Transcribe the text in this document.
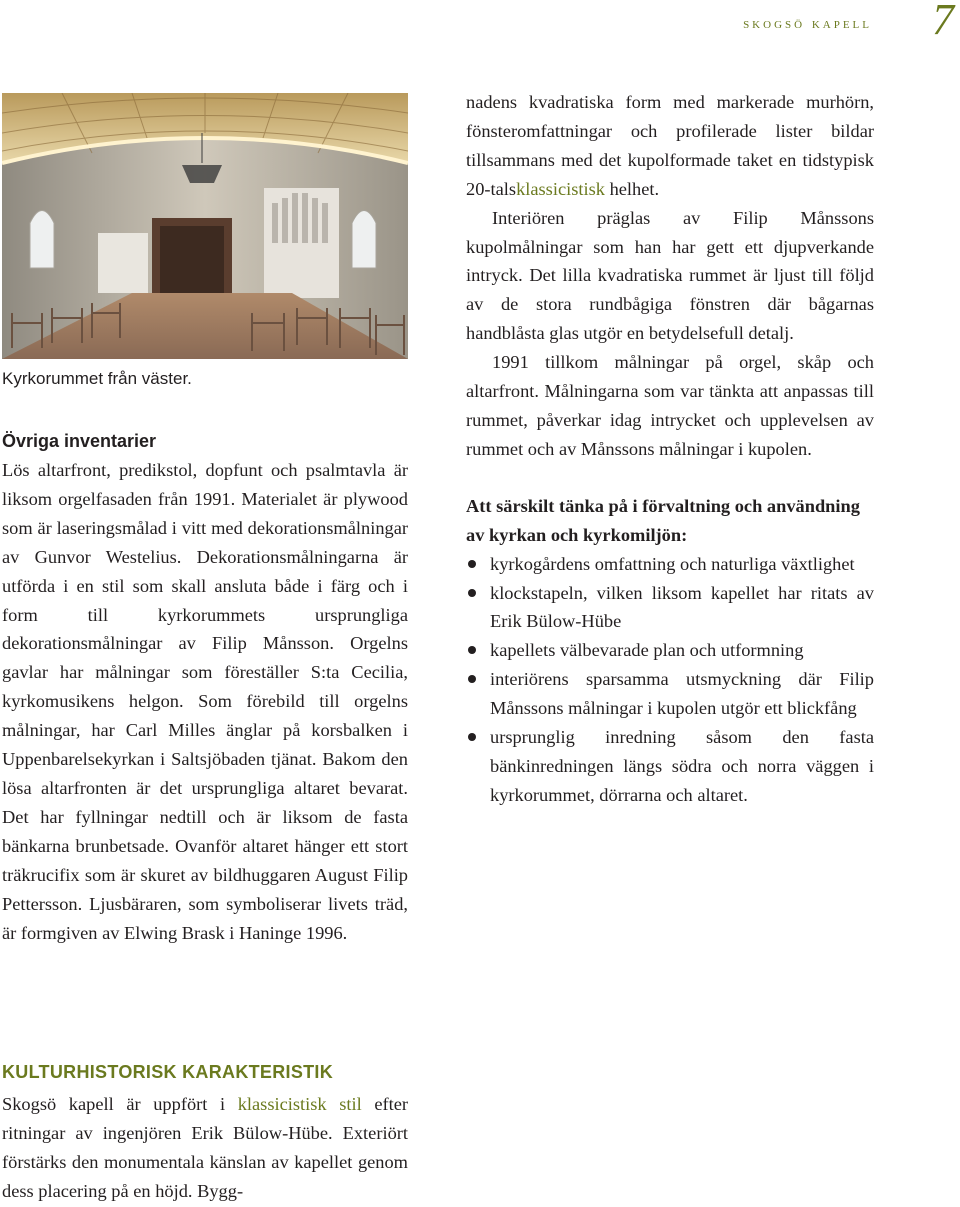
skogsö kapell 7
Kyrkorummet från väster.
Övriga inventarier

Lös altarfront, predikstol, dopfunt och psalmtavla är liksom orgelfasaden från 1991. Materialet är plywood som är laseringsmålad i vitt med dekorationsmålningar av Gunvor Westelius. Dekorationsmålningarna är utförda i en stil som skall ansluta både i färg och i form till kyrkorummets ursprungliga dekorationsmålningar av Filip Månsson. Orgelns gavlar har målningar som föreställer S:ta Cecilia, kyrkomusikens helgon. Som förebild till orgelns målningar, har Carl Milles änglar på korsbalken i Uppenbarelsekyrkan i Saltsjöbaden tjänat. Bakom den lösa altarfronten är det ursprungliga altaret bevarat. Det har fyllningar nedtill och är liksom de fasta bänkarna brunbetsade. Ovanför altaret hänger ett stort träkrucifix som är skuret av bildhuggaren August Filip Pettersson. Ljusbäraren, som symboliserar livets träd, är formgiven av Elwing Brask i Haninge 1996.

nadens kvadratiska form med markerade murhörn, fönsteromfattningar och profilerade lister bildar tillsammans med det kupolformade taket en tidstypisk 20-talsklassicistisk helhet.

Interiören präglas av Filip Månssons kupolmålningar som han har gett ett djupverkande intryck. Det lilla kvadratiska rummet är ljust till följd av de stora rundbågiga fönstren där bågarnas handblåsta glas utgör en betydelsefull detalj.

1991 tillkom målningar på orgel, skåp och altarfront. Målningarna som var tänkta att anpassas till rummet, påverkar idag intrycket och upplevelsen av rummet och av Månssons målningar i kupolen.

Att särskilt tänka på i förvaltning och användning av kyrkan och kyrkomiljön:

kyrkogårdens omfattning och naturliga växtlighet
klockstapeln, vilken liksom kapellet har ritats av Erik Bülow-Hübe
kapellets välbevarade plan och utformning
interiörens sparsamma utsmyckning där Filip Månssons målningar i kupolen utgör ett blickfång
ursprunglig inredning såsom den fasta bänkinredningen längs södra och norra väggen i kyrkorummet, dörrarna och altaret.
KULTURHISTORISK KARAKTERISTIK

Skogsö kapell är uppfört i klassicistisk stil efter ritningar av ingenjören Erik Bülow-Hübe. Exteriört förstärks den monumentala känslan av kapellet genom dess placering på en höjd. Bygg-
